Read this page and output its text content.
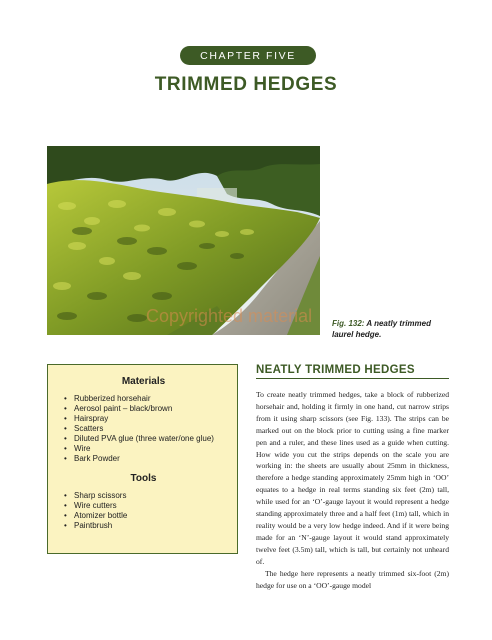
CHAPTER FIVE
TRIMMED HEDGES
Copyrighted material Fig. 132: A neatly trimmed laurel hedge.
Materials
• Rubberized horsehair
• Aerosol paint – black/brown
• Hairspray
• Scatters
• Diluted PVA glue (three water/one glue)
• Wire
• Bark Powder
Tools
• Sharp scissors
• Wire cutters
• Atomizer bottle
• Paintbrush
NEATLY TRIMMED HEDGES

To create neatly trimmed hedges, take a block of rubberized horsehair and, holding it firmly in one hand, cut narrow strips from it using sharp scissors (see Fig. 133). The strips can be marked out on the block prior to cutting using a fine marker pen and a ruler, and these lines used as a guide when cutting. How wide you cut the strips depends on the scale you are working in: the sheets are usually about 25mm in thickness, therefore a hedge standing approximately 25mm high in ‘OO’ equates to a hedge in real terms standing six feet (2m) tall, while used for an ‘O’-gauge layout it would represent a hedge standing approximately three and a half feet (1m) tall, which in reality would be a very low hedge indeed. And if it were being made for an ‘N’-gauge layout it would stand approximately twelve feet (3.5m) tall, which is tall, but certainly not unheard of.

The hedge here represents a neatly trimmed six-foot (2m) hedge for use on a ‘OO’-gauge model
